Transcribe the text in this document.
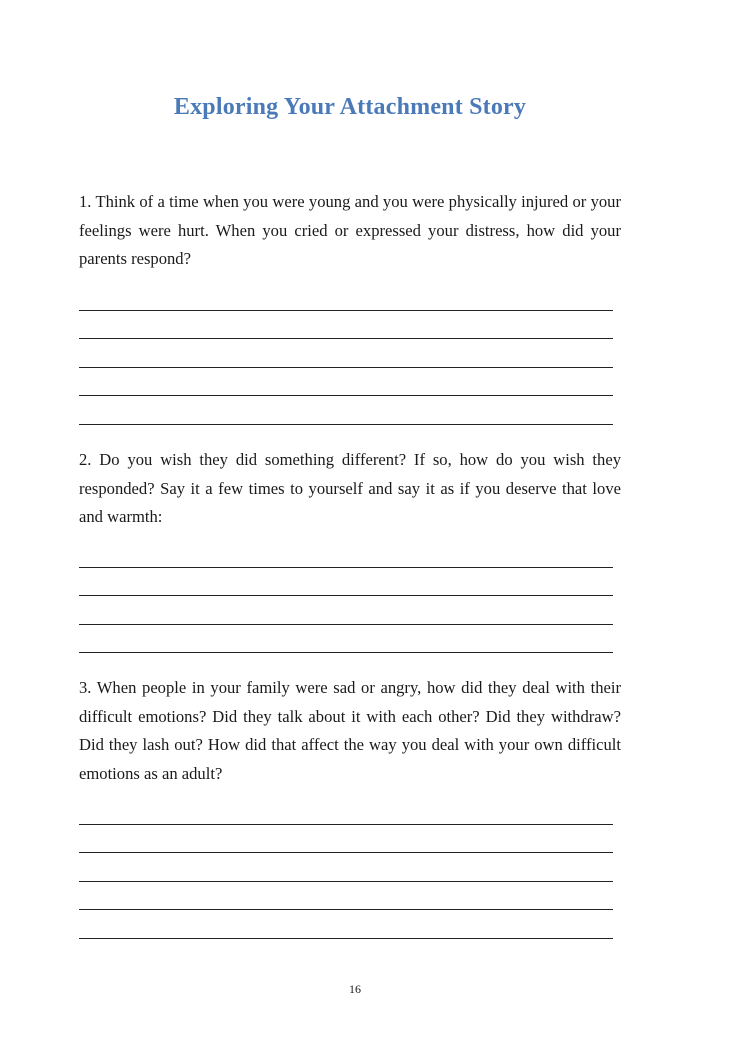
Exploring Your Attachment Story
1. Think of a time when you were young and you were physically injured or your feelings were hurt. When you cried or expressed your distress, how did your parents respond?
2. Do you wish they did something different? If so, how do you wish they responded? Say it a few times to yourself and say it as if you deserve that love and warmth:
3. When people in your family were sad or angry, how did they deal with their difficult emotions? Did they talk about it with each other? Did they withdraw? Did they lash out? How did that affect the way you deal with your own difficult emotions as an adult?
16
